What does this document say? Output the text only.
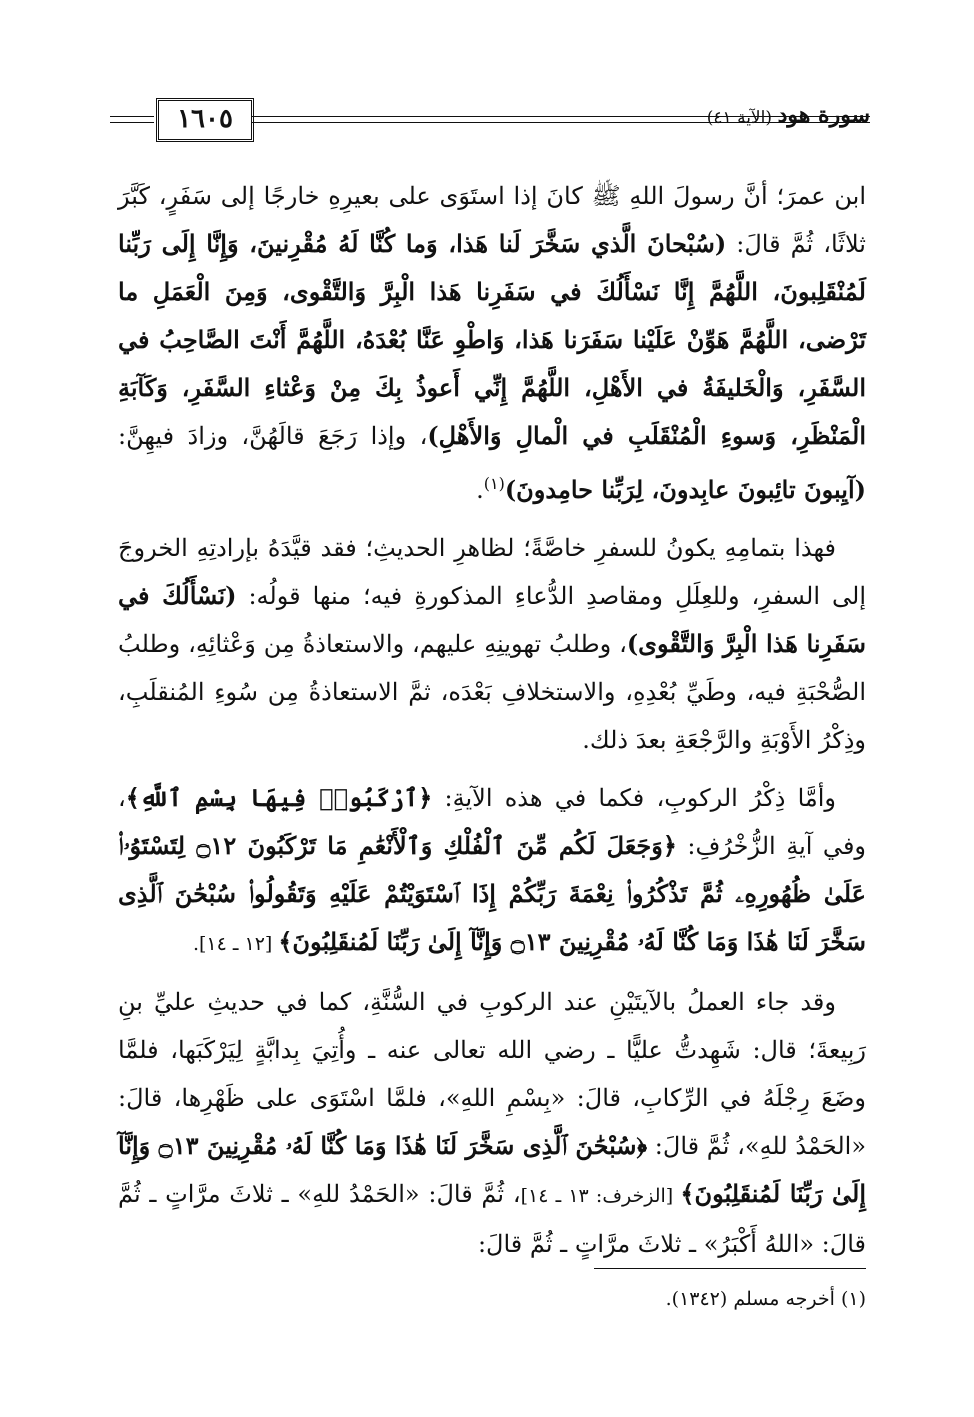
سورة هود
(الآية ٤١)
١٦٠٥

ابن عمرَ؛ أنَّ رسولَ اللهِ ﷺ كانَ إذا استَوَى على بعيرِهِ خارجًا إلى سَفَرٍ، كَبَّرَ ثلاثًا، ثُمَّ قالَ: (سُبْحانَ الَّذي سَخَّرَ لَنا هَذا، وَما كُنَّا لَهُ مُقْرِنينَ، وَإِنَّا إِلَى رَبِّنا لَمُنْقَلِبونَ، اللَّهُمَّ إِنَّا نَسْأَلُكَ في سَفَرِنا هَذا الْبِرَّ وَالتَّقْوى، وَمِنَ الْعَمَلِ ما تَرْضى، اللَّهُمَّ هَوِّنْ عَلَيْنا سَفَرَنا هَذا، وَاطْوِ عَنَّا بُعْدَهُ، اللَّهُمَّ أَنْتَ الصَّاحِبُ في السَّفَرِ، وَالْخَليفَةُ في الأَهْلِ، اللَّهُمَّ إِنِّي أَعوذُ بِكَ مِنْ وَعْثاءِ السَّفَرِ، وَكَآبَةِ الْمَنْظَرِ، وَسوءِ الْمُنْقَلَبِ في الْمالِ وَالأَهْلِ)، وإذا رَجَعَ قالَهُنَّ، وزادَ فيهِنَّ: (آيِبونَ تائِبونَ عابِدونَ، لِرَبِّنا حامِدونَ)$^{(١)}$.

فهذا بتمامِهِ يكونُ للسفرِ خاصَّةً؛ لظاهرِ الحديثِ؛ فقد قيَّدَهُ بإرادتِهِ الخروجَ إلى السفرِ، وللعِلَلِ ومقاصدِ الدُّعاءِ المذكورةِ فيه؛ منها قولُه: (نَسْأَلُكَ في سَفَرِنا هَذا الْبِرَّ وَالتَّقْوى)، وطلبُ تهوينِهِ عليهم، والاستعاذةُ مِن وَعْثائِهِ، وطلبُ الصُّحْبَةِ فيه، وطَيِّ بُعْدِهِ، والاستخلافِ بَعْدَه، ثمَّ الاستعاذةُ مِن سُوءِ المُنقلَبِ، وذِكْرُ الأَوْبَةِ والرَّجْعَةِ بعدَ ذلك.

وأمَّا ذِكْرُ الركوبِ، فكما في هذه الآيةِ: ﴿ٱرْكَبُوا۟ فِيهَا بِسْمِ ٱللَّهِ﴾، وفي آيةِ الزُّخْرُفِ: ﴿وَجَعَلَ لَكُم مِّنَ ٱلْفُلْكِ وَٱلْأَنْعَٰمِ مَا تَرْكَبُونَ ۝١٢ لِتَسْتَوُۥا۟ عَلَىٰ ظُهُورِهِۦ ثُمَّ تَذْكُرُوا۟ نِعْمَةَ رَبِّكُمْ إِذَا ٱسْتَوَيْتُمْ عَلَيْهِ وَتَقُولُوا۟ سُبْحَٰنَ ٱلَّذِى سَخَّرَ لَنَا هَٰذَا وَمَا كُنَّا لَهُۥ مُقْرِنِينَ ۝١٣ وَإِنَّآ إِلَىٰ رَبِّنَا لَمُنقَلِبُونَ﴾ [١٢ ـ ١٤].

وقد جاء العملُ بالآيتَيْنِ عند الركوبِ في السُّنَّةِ، كما في حديثِ عليِّ بنِ رَبِيعةَ؛ قال: شَهِدتُّ عليًّا ـ رضي الله تعالى عنه ـ وأُتِيَ بِدابَّةٍ لِيَرْكَبَها، فلمَّا وضَعَ رِجْلَهُ في الرِّكابِ، قالَ: «بِسْمِ اللهِ»، فلمَّا اسْتَوَى على ظَهْرِها، قالَ: «الحَمْدُ للهِ»، ثُمَّ قالَ: ﴿سُبْحَٰنَ ٱلَّذِى سَخَّرَ لَنَا هَٰذَا وَمَا كُنَّا لَهُۥ مُقْرِنِينَ ۝١٣ وَإِنَّآ إِلَىٰ رَبِّنَا لَمُنقَلِبُونَ﴾ [الزخرف: ١٣ ـ ١٤]، ثُمَّ قالَ: «الحَمْدُ للهِ» ـ ثلاثَ مرَّاتٍ ـ ثُمَّ قالَ: «اللهُ أَكْبَرُ» ـ ثلاثَ مرَّاتٍ ـ ثُمَّ قالَ:

(١) أخرجه مسلم (١٣٤٢).
